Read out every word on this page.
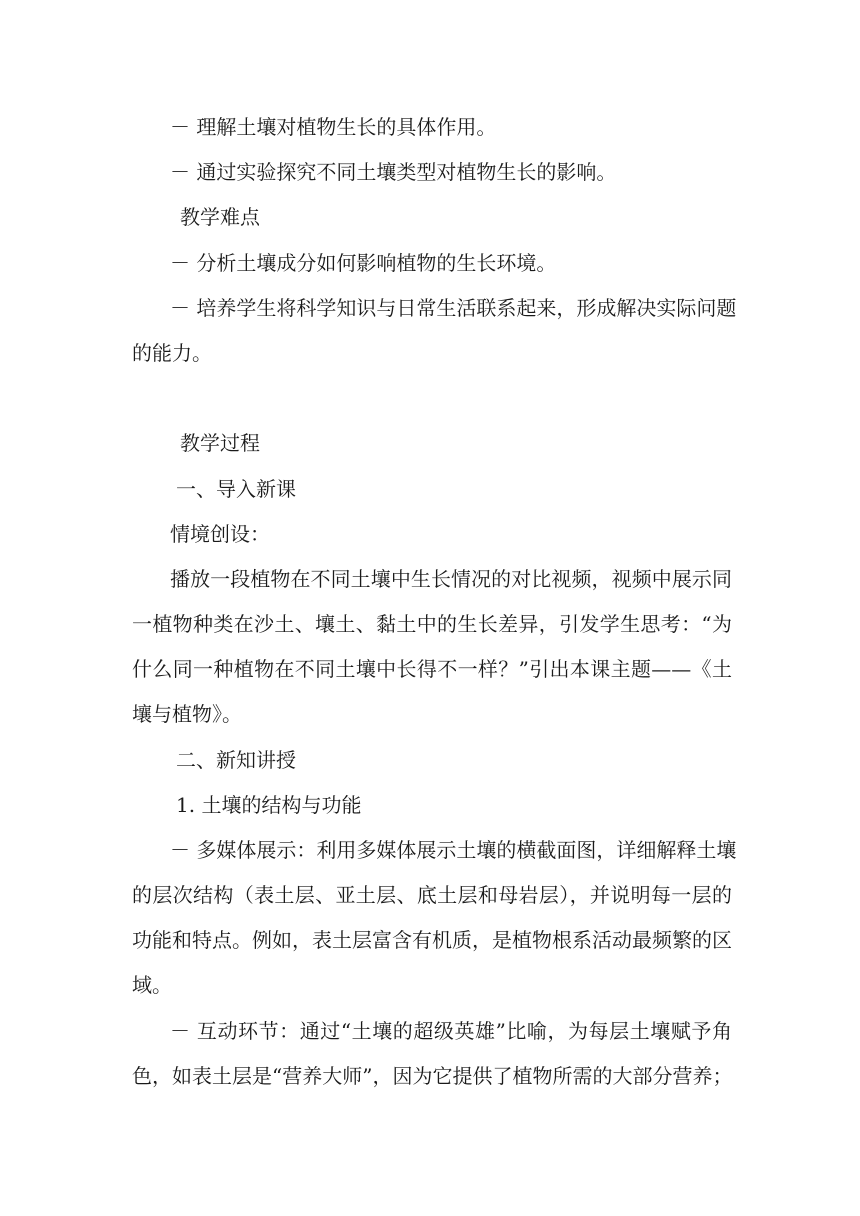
－ 理解土壤对植物生长的具体作用。
－ 通过实验探究不同土壤类型对植物生长的影响。
教学难点
－ 分析土壤成分如何影响植物的生长环境。
－ 培养学生将科学知识与日常生活联系起来，形成解决实际问题
的能力。
教学过程
一、导入新课
情境创设：
播放一段植物在不同土壤中生长情况的对比视频，视频中展示同
一植物种类在沙土、壤土、黏土中的生长差异，引发学生思考：“为
什么同一种植物在不同土壤中长得不一样？”引出本课主题——《土
壤与植物》。
二、新知讲授
1. 土壤的结构与功能
－ 多媒体展示：利用多媒体展示土壤的横截面图，详细解释土壤
的层次结构（表土层、亚土层、底土层和母岩层），并说明每一层的
功能和特点。例如，表土层富含有机质，是植物根系活动最频繁的区
域。
－ 互动环节：通过“土壤的超级英雄”比喻，为每层土壤赋予角
色，如表土层是“营养大师”，因为它提供了植物所需的大部分营养；
